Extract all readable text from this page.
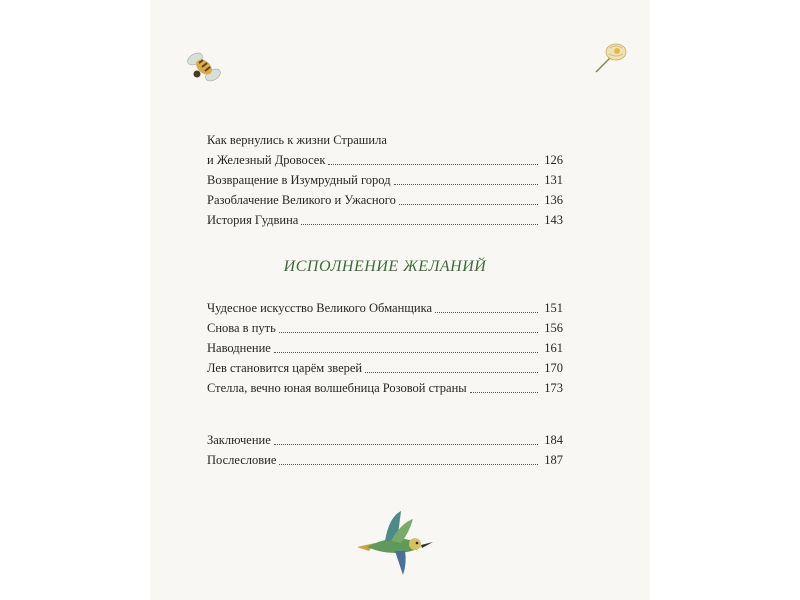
Как вернулись к жизни Страшила
и Железный Дровосек	126
Возвращение в Изумрудный город	131
Разоблачение Великого и Ужасного	136
История Гудвина	143
ИСПОЛНЕНИЕ ЖЕЛАНИЙ
Чудесное искусство Великого Обманщика	151
Снова в путь	156
Наводнение	161
Лев становится царём зверей	170
Стелла, вечно юная волшебница Розовой страны	173
Заключение	184
Послесловие	187
